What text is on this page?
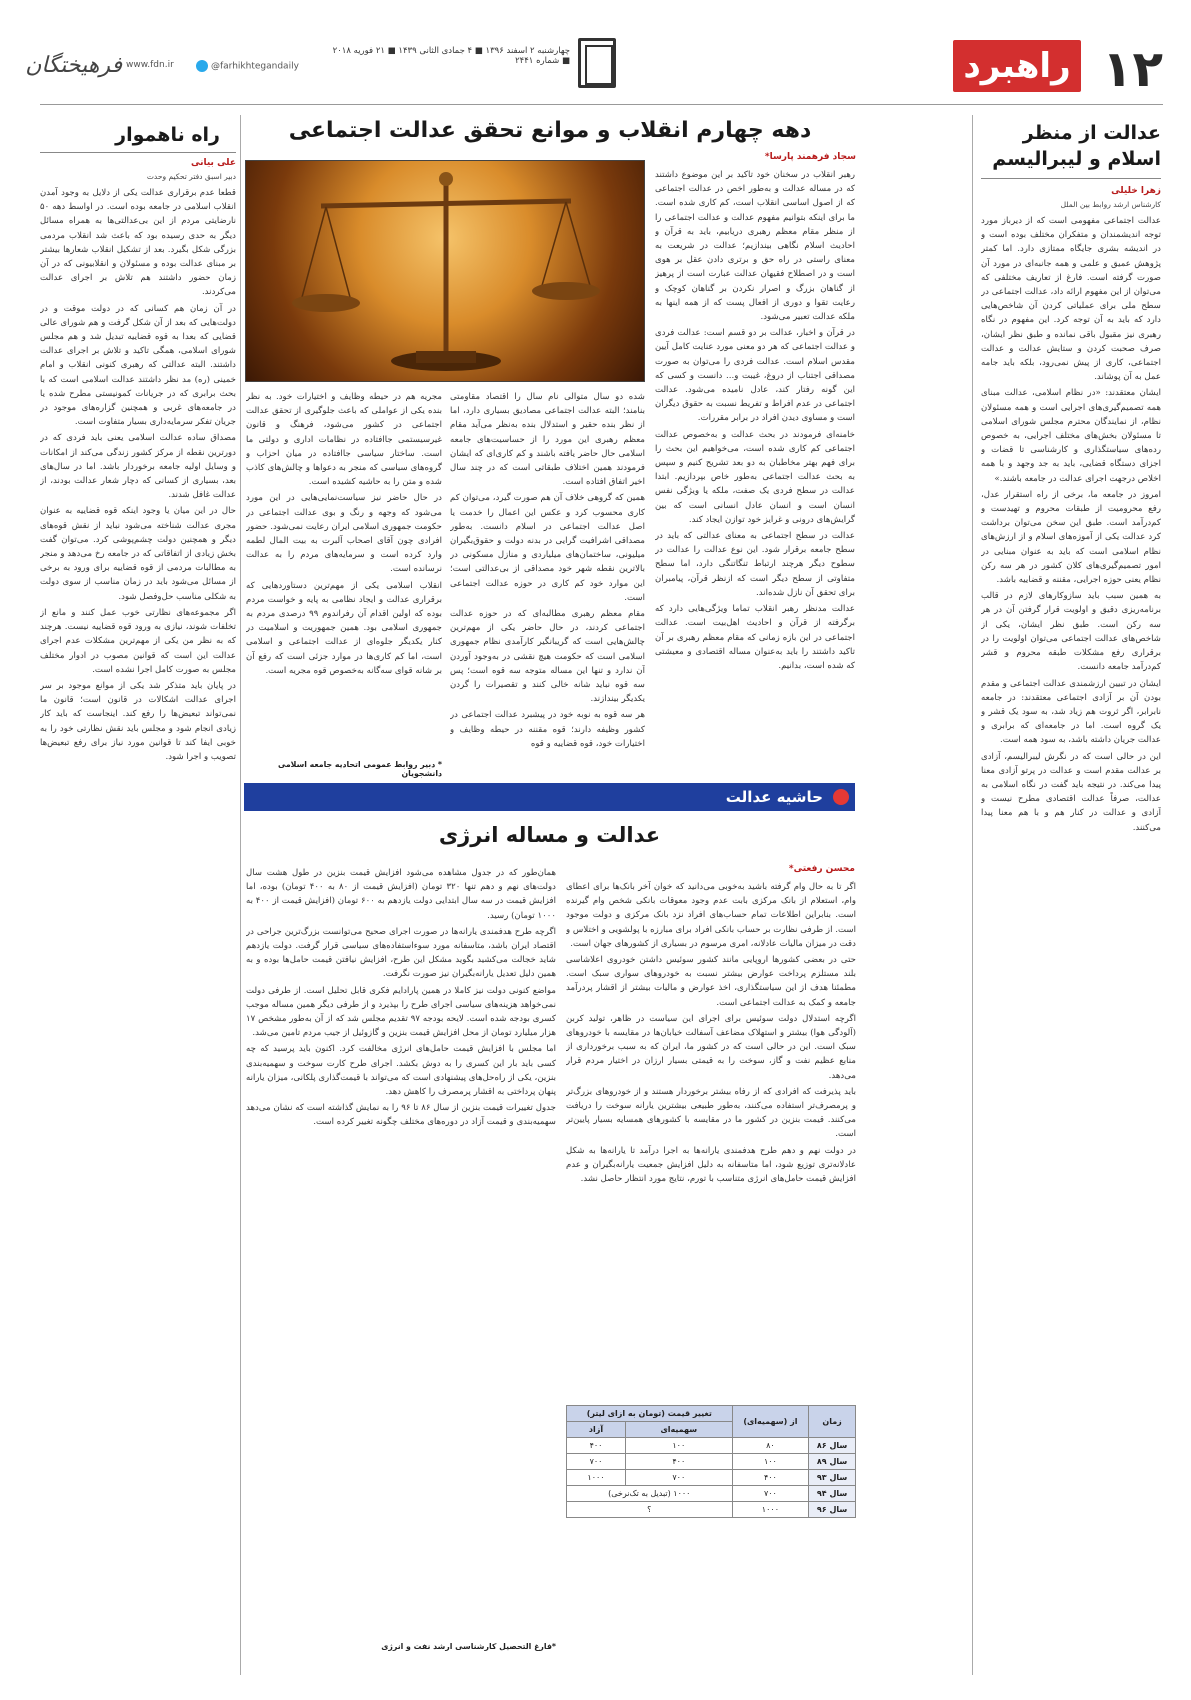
۱۲
راهبرد
چهارشنبه ۲ اسفند ۱۳۹۶ ■ ۴ جمادی الثانی ۱۴۳۹ ■ ۲۱ فوریه ۲۰۱۸ ■ شماره ۲۴۴۱
@farhikhtegandaily
www.fdn.ir
فرهیختگان
عدالت از منظر اسلام و لیبرالیسم
زهرا خلیلی
کارشناس ارشد روابط بین الملل

عدالت اجتماعی مفهومی است که از دیرباز مورد توجه اندیشمندان و متفکران مختلف بوده است و در اندیشه بشری جایگاه ممتازی دارد. اما کمتر پژوهش عمیق و علمی و همه جانبه‌ای در مورد آن صورت گرفته است. فارغ از تعاریف مختلفی که می‌توان از این مفهوم ارائه داد، عدالت اجتماعی در سطح ملی برای عملیاتی کردن آن شاخص‌هایی دارد که باید به آن توجه کرد. این مفهوم در نگاه رهبری نیز مقبول باقی نمانده و طبق نظر ایشان، صرف صحبت کردن و ستایش عدالت و عدالت اجتماعی، کاری از پیش نمی‌رود، بلکه باید جامه عمل به آن پوشاند.

ایشان معتقدند: «در نظام اسلامی، عدالت مبنای همه تصمیم‌گیری‌های اجرایی است و همه مسئولان نظام، از نمایندگان محترم مجلس شورای اسلامی تا مسئولان بخش‌های مختلف اجرایی، به خصوص رده‌های سیاستگذاری و کارشناسی تا قضات و اجزای دستگاه قضایی، باید به جد وجهد و با همه اخلاص درجهت اجرای عدالت در جامعه باشند.»

امروز در جامعه ما، برخی از راه استقرار عدل، رفع محرومیت از طبقات محروم و تهیدست و کم‌درآمد است. طبق این سخن می‌توان برداشت کرد عدالت یکی از آموزه‌های اسلام و از ارزش‌های نظام اسلامی است که باید به عنوان مبنایی در امور تصمیم‌گیری‌های کلان کشور در هر سه رکن نظام یعنی حوزه اجرایی، مقننه و قضاییه باشد.

به همین سبب باید سازوکارهای لازم در قالب برنامه‌ریزی دقیق و اولویت قرار گرفتن آن در هر سه رکن است. طبق نظر ایشان، یکی از شاخص‌های عدالت اجتماعی می‌توان اولویت را در برقراری رفع مشکلات طبقه محروم و قشر کم‌درآمد جامعه دانست.

ایشان در تبیین ارزشمندی عدالت اجتماعی و مقدم بودن آن بر آزادی اجتماعی معتقدند: در جامعه نابرابر، اگر ثروت هم زیاد شد، به سود یک قشر و یک گروه است. اما در جامعه‌ای که برابری و عدالت جریان داشته باشد، به سود همه است.

این در حالی است که در نگرش لیبرالیسم، آزادی بر عدالت مقدم است و عدالت در پرتو آزادی معنا پیدا می‌کند. در نتیجه باید گفت در نگاه اسلامی به عدالت، صرفاً عدالت اقتصادی مطرح نیست و آزادی و عدالت در کنار هم و با هم معنا پیدا می‌کنند.

راه ناهموار
علی بیانی
دبیر اسبق دفتر تحکیم وحدت

قطعا عدم برقراری عدالت یکی از دلایل به وجود آمدن انقلاب اسلامی در جامعه بوده است. در اواسط دهه ۵۰ نارضایتی مردم از این بی‌عدالتی‌ها به همراه مسائل دیگر به حدی رسیده بود که باعث شد انقلاب مردمی بزرگی شکل بگیرد. بعد از تشکیل انقلاب شعارها بیشتر بر مبنای عدالت بوده و مسئولان و انقلابیونی که در آن زمان حضور داشتند هم تلاش بر اجرای عدالت می‌کردند.

در آن زمان هم کسانی که در دولت موقت و در دولت‌هایی که بعد از آن شکل گرفت و هم شورای عالی قضایی که بعدا به قوه قضاییه تبدیل شد و هم مجلس شورای اسلامی، همگی تاکید و تلاش بر اجرای عدالت داشتند. البته عدالتی که رهبری کنونی انقلاب و امام خمینی (ره) مد نظر داشتند عدالت اسلامی است که با بحث برابری که در جریانات کمونیستی مطرح شده یا در جامعه‌های غربی و همچنین گزاره‌های موجود در جریان تفکر سرمایه‌داری بسیار متفاوت است.

مصداق ساده عدالت اسلامی یعنی باید فردی که در دورترین نقطه از مرکز کشور زندگی می‌کند از امکانات و وسایل اولیه جامعه برخوردار باشد. اما در سال‌های بعد، بسیاری از کسانی که دچار شعار عدالت بودند، از عدالت غافل شدند.

حال در این میان یا وجود اینکه قوه قضاییه به عنوان مجری عدالت شناخته می‌شود نباید از نقش قوه‌های دیگر و همچنین دولت چشم‌پوشی کرد. می‌توان گفت بخش زیادی از اتفاقاتی که در جامعه رخ می‌دهد و منجر به مطالبات مردمی از قوه قضاییه برای ورود به برخی از مسائل می‌شود باید در زمان مناسب از سوی دولت به شکلی مناسب حل‌وفصل شود.

اگر مجموعه‌های نظارتی خوب عمل کنند و مانع از تخلفات شوند، نیازی به ورود قوه قضاییه نیست. هرچند که به نظر من یکی از مهم‌ترین مشکلات عدم اجرای عدالت این است که قوانین مصوب در ادوار مختلف مجلس به صورت کامل اجرا نشده است.

در پایان باید متذکر شد یکی از موانع موجود بر سر اجرای عدالت اشکالات در قانون است؛ قانون ما نمی‌تواند تبعیض‌ها را رفع کند. اینجاست که باید کار زیادی انجام شود و مجلس باید نقش نظارتی خود را به خوبی ایفا کند تا قوانین مورد نیاز برای رفع تبعیض‌ها تصویب و اجرا شود.

دهه چهارم انقلاب و موانع تحقق عدالت اجتماعی
سجاد فرهمند پارسا*

رهبر انقلاب در سخنان خود تاکید بر این موضوع داشتند که در مساله عدالت و به‌طور اخص در عدالت اجتماعی که از اصول اساسی انقلاب است، کم کاری شده است. ما برای اینکه بتوانیم مفهوم عدالت و عدالت اجتماعی را از منظر مقام معظم رهبری دریابیم، باید به قرآن و احادیث اسلام نگاهی بیندازیم؛ عدالت در شریعت به معنای راستی در راه حق و برتری دادن عقل بر هوی است و در اصطلاح فقیهان عدالت عبارت است از پرهیز از گناهان بزرگ و اصرار نکردن بر گناهان کوچک و رعایت تقوا و دوری از افعال پست که از همه اینها به ملکه عدالت تعبیر می‌شود.

در قرآن و اخبار، عدالت بر دو قسم است: عدالت فردی و عدالت اجتماعی که هر دو معنی مورد عنایت کامل آیین مقدس اسلام است. عدالت فردی را می‌توان به صورت مصداقی اجتناب از دروغ، غیبت و... دانست و کسی که این گونه رفتار کند، عادل نامیده می‌شود. عدالت اجتماعی در عدم افراط و تفریط نسبت به حقوق دیگران است و مساوی دیدن افراد در برابر مقررات.

خامنه‌ای فرمودند در بحث عدالت و به‌خصوص عدالت اجتماعی کم کاری شده است، می‌خواهیم این بحث را برای فهم بهتر مخاطبان به دو بعد تشریح کنیم و سپس به بحث عدالت اجتماعی به‌طور خاص بپردازیم. ابتدا عدالت در سطح فردی یک صفت، ملکه یا ویژگی نفس انسان است و انسان عادل انسانی است که بین گرایش‌های درونی و غرایز خود توازن ایجاد کند.

عدالت در سطح اجتماعی به معنای عدالتی که باید در سطح جامعه برقرار شود. این نوع عدالت را عدالت در سطوح دیگر هرچند ارتباط تنگاتنگی دارد، اما سطح متفاوتی از سطح دیگر است که ازنظر قرآن، پیامبران برای تحقق آن نازل شده‌اند.

عدالت مدنظر رهبر انقلاب تماما ویژگی‌هایی دارد که برگرفته از قرآن و احادیث اهل‌بیت است. عدالت اجتماعی در این بازه زمانی که مقام معظم رهبری بر آن تاکید داشتند را باید به‌عنوان مساله اقتصادی و معیشتی که شده است، بدانیم.

شده دو سال متوالی نام سال را اقتصاد مقاومتی بنامند؛ البته عدالت اجتماعی مصادیق بسیاری دارد، اما از نظر بنده حقیر و استدلال بنده به‌نظر می‌آید مقام معظم رهبری این مورد را از حساسیت‌های جامعه اسلامی حال حاضر یافته باشند و کم کاری‌ای که ایشان فرمودند همین اختلاف طبقاتی است که در چند سال اخیر اتفاق افتاده است.

همین که گروهی خلاف آن هم صورت گیرد، می‌توان کم کاری محسوب کرد و عکس این اعمال را خدمت یا اصل عدالت اجتماعی در اسلام دانست. به‌طور مصداقی اشرافیت گرایی در بدنه دولت و حقوق‌بگیران میلیونی، ساختمان‌های میلیاردی و منازل مسکونی در بالاترین نقطه شهر خود مصداقی از بی‌عدالتی است؛ این موارد خود کم کاری در حوزه عدالت اجتماعی است.

مقام معظم رهبری مطالبه‌ای که در حوزه عدالت اجتماعی کردند، در حال حاضر یکی از مهم‌ترین چالش‌هایی است که گریبانگیر کارآمدی نظام جمهوری اسلامی است که حکومت هیچ نقشی در به‌وجود آوردن آن ندارد و تنها این مساله متوجه سه قوه است؛ پس سه قوه نباید شانه خالی کنند و تقصیرات را گردن یکدیگر بیندازند.

هر سه قوه به نوبه خود در پیشبرد عدالت اجتماعی در کشور وظیفه دارند؛ قوه مقننه در حیطه وظایف و اختیارات خود، قوه قضاییه و قوه

مجریه هم در حیطه وظایف و اختیارات خود. به نظر بنده یکی از عواملی که باعث جلوگیری از تحقق عدالت اجتماعی در کشور می‌شود، فرهنگ و قانون غیرسیستمی جاافتاده در نظامات اداری و دولتی ما است. ساختار سیاسی جاافتاده در میان احزاب و گروه‌های سیاسی که منجر به دعواها و چالش‌های کاذب شده و متن را به حاشیه کشیده است.

در حال حاضر نیز سیاست‌نمایی‌هایی در این مورد می‌شود که وجهه و رنگ و بوی عدالت اجتماعی در حکومت جمهوری اسلامی ایران رعایت نمی‌شود. حضور افرادی چون آقای اصحاب آلبرت به بیت المال لطمه وارد کرده است و سرمایه‌های مردم را به عدالت نرسانده است.

انقلاب اسلامی یکی از مهم‌ترین دستاوردهایی که برقراری عدالت و ایجاد نظامی به پایه و خواست مردم بوده که اولین اقدام آن رفراندوم ۹۹ درصدی مردم به جمهوری اسلامی بود. همین جمهوریت و اسلامیت در کنار یکدیگر جلوه‌ای از عدالت اجتماعی و اسلامی است، اما کم کاری‌ها در موارد جزئی است که رفع آن بر شانه قوای سه‌گانه به‌خصوص قوه مجریه است.

* دبیر روابط عمومی اتحادیه جامعه اسلامی دانشجویان
حاشیه عدالت
عدالت و مساله انرژی
محسن رفعتی*

اگر تا به حال وام گرفته باشید به‌خوبی می‌دانید که خوان آخر بانک‌ها برای اعطای وام، استعلام از بانک مرکزی بابت عدم وجود معوقات بانکی شخص وام گیرنده است. بنابراین اطلاعات تمام حساب‌های افراد نزد بانک مرکزی و دولت موجود است. از طرفی نظارت بر حساب بانکی افراد برای مبارزه با پولشویی و اختلاس و دقت در میزان مالیات عادلانه، امری مرسوم در بسیاری از کشورهای جهان است.

حتی در بعضی کشورها اروپایی مانند کشور سوئیس داشتن خودروی اعلاشاسی بلند مستلزم پرداخت عوارض بیشتر نسبت به خودروهای سواری سبک است. مطمئنا هدف از این سیاستگذاری، اخذ عوارض و مالیات بیشتر از اقشار پردرآمد جامعه و کمک به عدالت اجتماعی است.

اگرچه استدلال دولت سوئیس برای اجرای این سیاست در ظاهر، تولید کربن (آلودگی هوا) بیشتر و استهلاک مضاعف آسفالت خیابان‌ها در مقایسه با خودروهای سبک است. این در حالی است که در کشور ما، ایران که به سبب برخورداری از منابع عظیم نفت و گاز، سوخت را به قیمتی بسیار ارزان در اختیار مردم قرار می‌دهد.

باید پذیرفت که افرادی که از رفاه بیشتر برخوردار هستند و از خودروهای بزرگ‌تر و پرمصرف‌تر استفاده می‌کنند، به‌طور طبیعی بیشترین یارانه سوخت را دریافت می‌کنند. قیمت بنزین در کشور ما در مقایسه با کشورهای همسایه بسیار پایین‌تر است.

در دولت نهم و دهم طرح هدفمندی یارانه‌ها به اجرا درآمد تا یارانه‌ها به شکل عادلانه‌تری توزیع شود، اما متاسفانه به دلیل افزایش جمعیت یارانه‌بگیران و عدم افزایش قیمت حامل‌های انرژی متناسب با تورم، نتایج مورد انتظار حاصل نشد.

همان‌طور که در جدول مشاهده می‌شود افزایش قیمت بنزین در طول هشت سال دولت‌های نهم و دهم تنها ۳۲۰ تومان (افزایش قیمت از ۸۰ به ۴۰۰ تومان) بوده، اما افزایش قیمت در سه سال ابتدایی دولت یازدهم به ۶۰۰ تومان (افزایش قیمت از ۴۰۰ به ۱۰۰۰ تومان) رسید.

اگرچه طرح هدفمندی یارانه‌ها در صورت اجرای صحیح می‌توانست بزرگ‌ترین جراحی در اقتصاد ایران باشد، متاسفانه مورد سوءاستفاده‌های سیاسی قرار گرفت. دولت یازدهم شاید خجالت می‌کشید بگوید مشکل این طرح، افزایش نیافتن قیمت حامل‌ها بوده و به همین دلیل تعدیل یارانه‌بگیران نیز صورت نگرفت.

مواضع کنونی دولت نیز کاملا در همین پارادایم فکری قابل تحلیل است. از طرفی دولت نمی‌خواهد هزینه‌های سیاسی اجرای طرح را بپذیرد و از طرفی دیگر همین مساله موجب کسری بودجه شده است. لایحه بودجه ۹۷ تقدیم مجلس شد که از آن به‌طور مشخص ۱۷ هزار میلیارد تومان از محل افزایش قیمت بنزین و گازوئیل از جیب مردم تامین می‌شد.

اما مجلس با افزایش قیمت حامل‌های انرژی مخالفت کرد. اکنون باید پرسید که چه کسی باید بار این کسری را به دوش بکشد. اجرای طرح کارت سوخت و سهمیه‌بندی بنزین، یکی از راه‌حل‌های پیشنهادی است که می‌تواند با قیمت‌گذاری پلکانی، میزان یارانه پنهان پرداختی به اقشار پرمصرف را کاهش دهد.

جدول تغییرات قیمت بنزین از سال ۸۶ تا ۹۶ را به نمایش گذاشته است که نشان می‌دهد سهمیه‌بندی و قیمت آزاد در دوره‌های مختلف چگونه تغییر کرده است.

*فارغ التحصیل کارشناسی ارشد نفت و انرژی
زمان	از (سهمیه‌ای)	تغییر قیمت (تومان به ازای لیتر)	
		سهمیه‌ای	آزاد
سال ۸۶	۸۰	۱۰۰	۴۰۰
سال ۸۹	۱۰۰	۴۰۰	۷۰۰
سال ۹۳	۴۰۰	۷۰۰	۱۰۰۰
سال ۹۴	۷۰۰	۱۰۰۰ (تبدیل به تک‌نرخی)	
سال ۹۶	۱۰۰۰	؟	
